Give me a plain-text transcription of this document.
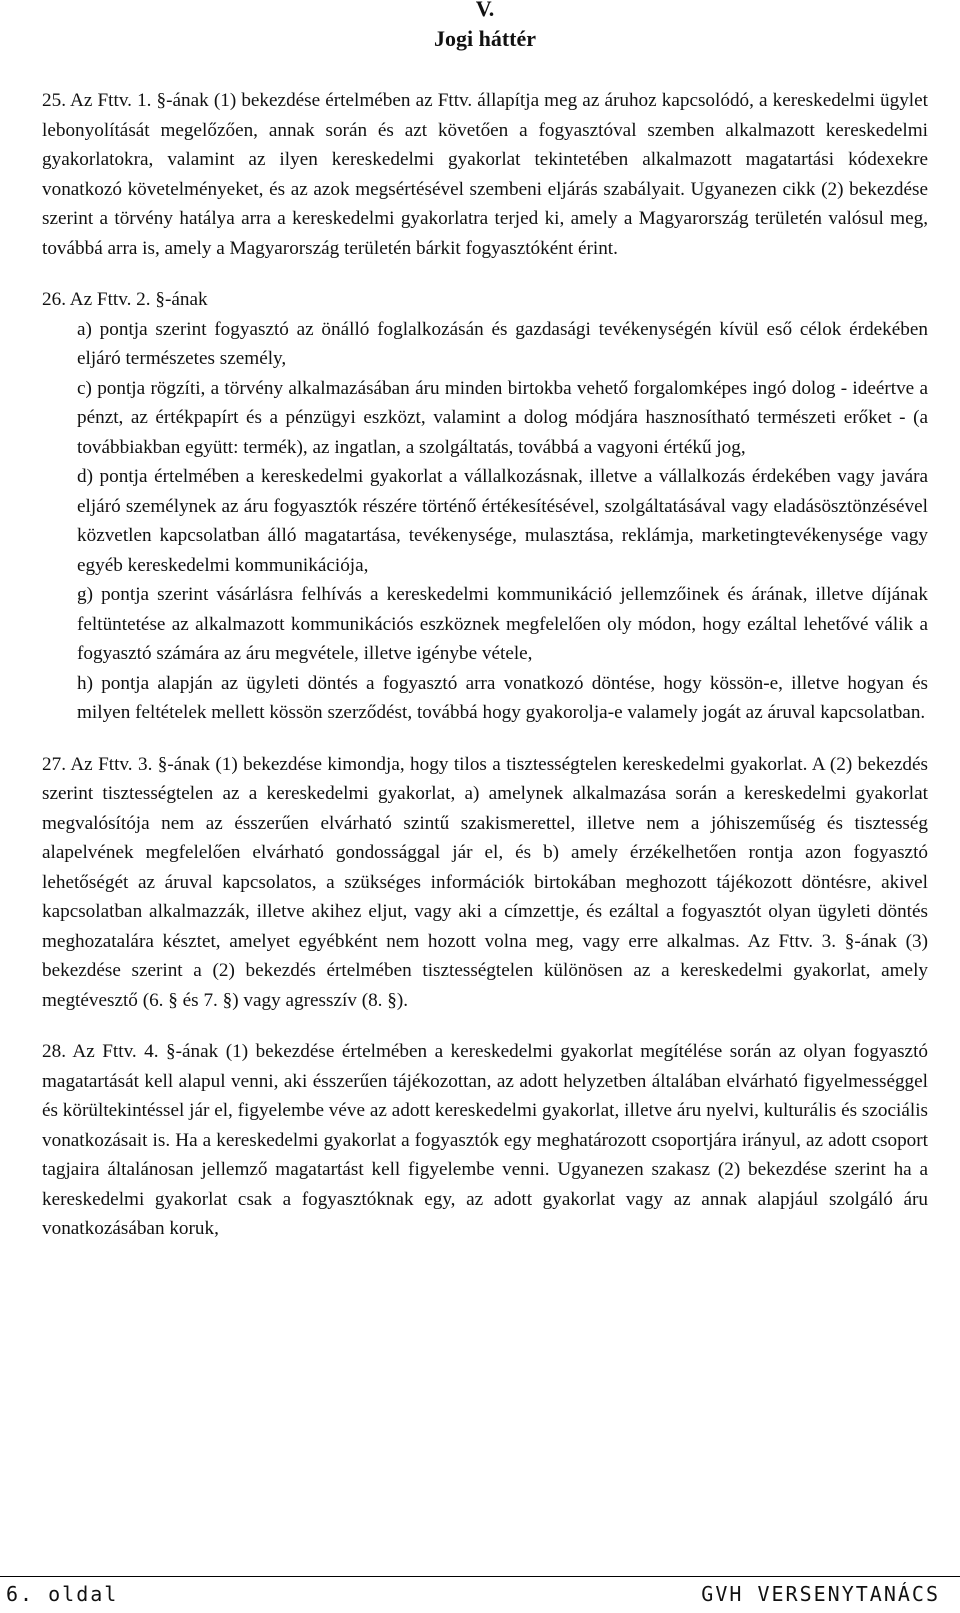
V.
Jogi háttér

25. Az Fttv. 1. §-ának (1) bekezdése értelmében az Fttv. állapítja meg az áruhoz kapcsolódó, a kereskedelmi ügylet lebonyolítását megelőzően, annak során és azt követően a fogyasztóval szemben alkalmazott kereskedelmi gyakorlatokra, valamint az ilyen kereskedelmi gyakorlat tekintetében alkalmazott magatartási kódexekre vonatkozó követelményeket, és az azok megsértésével szembeni eljárás szabályait. Ugyanezen cikk (2) bekezdése szerint a törvény hatálya arra a kereskedelmi gyakorlatra terjed ki, amely a Magyarország területén valósul meg, továbbá arra is, amely a Magyarország területén bárkit fogyasztóként érint.

26. Az Fttv. 2. §-ának

a) pontja szerint fogyasztó az önálló foglalkozásán és gazdasági tevékenységén kívül eső célok érdekében eljáró természetes személy,

c) pontja rögzíti, a törvény alkalmazásában áru minden birtokba vehető forgalomképes ingó dolog - ideértve a pénzt, az értékpapírt és a pénzügyi eszközt, valamint a dolog módjára hasznosítható természeti erőket - (a továbbiakban együtt: termék), az ingatlan, a szolgáltatás, továbbá a vagyoni értékű jog,

d) pontja értelmében a kereskedelmi gyakorlat a vállalkozásnak, illetve a vállalkozás érdekében vagy javára eljáró személynek az áru fogyasztók részére történő értékesítésével, szolgáltatásával vagy eladásösztönzésével közvetlen kapcsolatban álló magatartása, tevékenysége, mulasztása, reklámja, marketingtevékenysége vagy egyéb kereskedelmi kommunikációja,

g) pontja szerint vásárlásra felhívás a kereskedelmi kommunikáció jellemzőinek és árának, illetve díjának feltüntetése az alkalmazott kommunikációs eszköznek megfelelően oly módon, hogy ezáltal lehetővé válik a fogyasztó számára az áru megvétele, illetve igénybe vétele,

h) pontja alapján az ügyleti döntés a fogyasztó arra vonatkozó döntése, hogy kössön-e, illetve hogyan és milyen feltételek mellett kössön szerződést, továbbá hogy gyakorolja-e valamely jogát az áruval kapcsolatban.

27. Az Fttv. 3. §-ának (1) bekezdése kimondja, hogy tilos a tisztességtelen kereskedelmi gyakorlat. A (2) bekezdés szerint tisztességtelen az a kereskedelmi gyakorlat, a) amelynek alkalmazása során a kereskedelmi gyakorlat megvalósítója nem az ésszerűen elvárható szintű szakismerettel, illetve nem a jóhiszeműség és tisztesség alapelvének megfelelően elvárható gondossággal jár el, és b) amely érzékelhetően rontja azon fogyasztó lehetőségét az áruval kapcsolatos, a szükséges információk birtokában meghozott tájékozott döntésre, akivel kapcsolatban alkalmazzák, illetve akihez eljut, vagy aki a címzettje, és ezáltal a fogyasztót olyan ügyleti döntés meghozatalára késztet, amelyet egyébként nem hozott volna meg, vagy erre alkalmas. Az Fttv. 3. §-ának (3) bekezdése szerint a (2) bekezdés értelmében tisztességtelen különösen az a kereskedelmi gyakorlat, amely megtévesztő (6. § és 7. §) vagy agresszív (8. §).

28. Az Fttv. 4. §-ának (1) bekezdése értelmében a kereskedelmi gyakorlat megítélése során az olyan fogyasztó magatartását kell alapul venni, aki ésszerűen tájékozottan, az adott helyzetben általában elvárható figyelmességgel és körültekintéssel jár el, figyelembe véve az adott kereskedelmi gyakorlat, illetve áru nyelvi, kulturális és szociális vonatkozásait is. Ha a kereskedelmi gyakorlat a fogyasztók egy meghatározott csoportjára irányul, az adott csoport tagjaira általánosan jellemző magatartást kell figyelembe venni. Ugyanezen szakasz (2) bekezdése szerint ha a kereskedelmi gyakorlat csak a fogyasztóknak egy, az adott gyakorlat vagy az annak alapjául szolgáló áru vonatkozásában koruk,

6. oldal	GVH VERSENYTANÁCS
